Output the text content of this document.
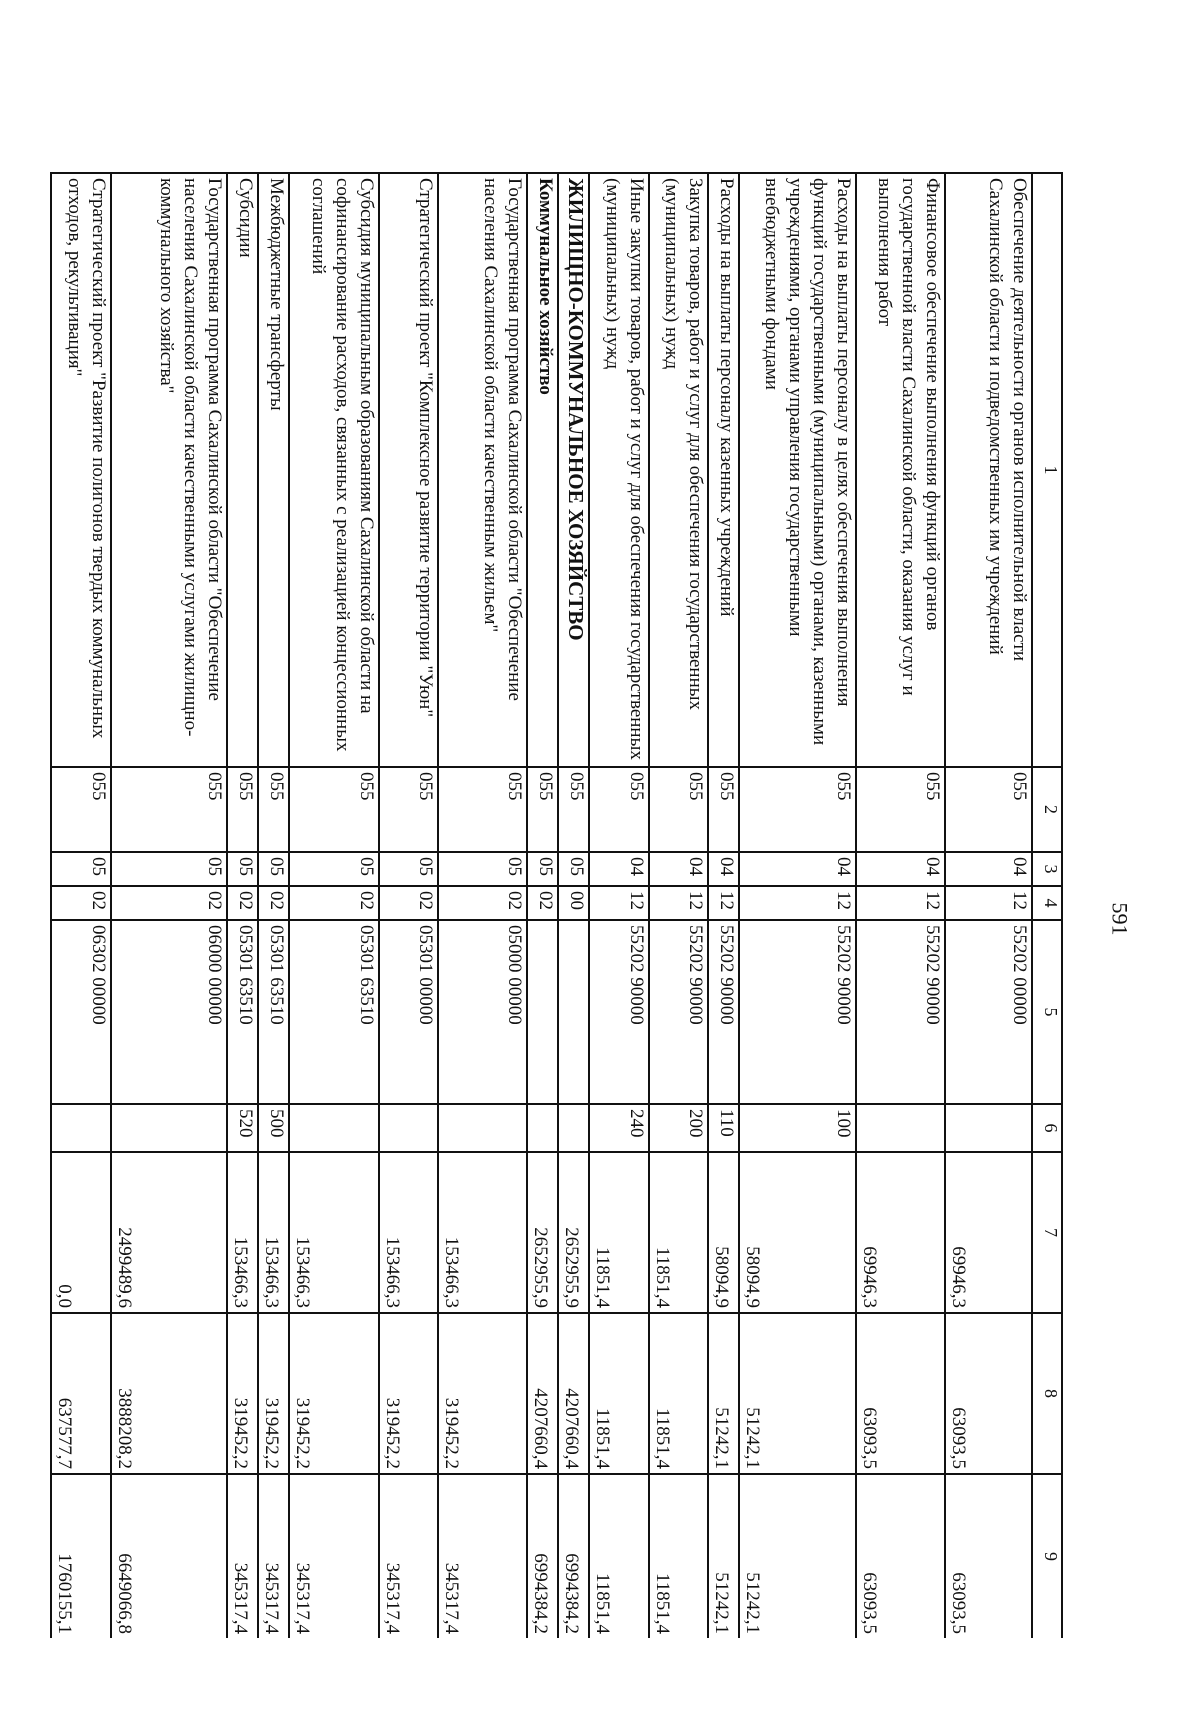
591
1	2	3	4	5	6	7	8	9
Обеспечение деятельности органов исполнительной власти Сахалинской области и подведомственных им учреждений	055	04	12	55202 00000		69946,3	63093,5	63093,5
Финансовое обеспечение выполнения функций органов государственной власти Сахалинской области, оказания услуг и выполнения работ	055	04	12	55202 90000		69946,3	63093,5	63093,5
Расходы на выплаты персоналу в целях обеспечения выполнения функций государственными (муниципальными) органами, казенными учреждениями, органами управления государственными внебюджетными фондами	055	04	12	55202 90000	100	58094,9	51242,1	51242,1
Расходы на выплаты персоналу казенных учреждений	055	04	12	55202 90000	110	58094,9	51242,1	51242,1
Закупка товаров, работ и услуг для обеспечения государственных (муниципальных) нужд	055	04	12	55202 90000	200	11851,4	11851,4	11851,4
Иные закупки товаров, работ и услуг для обеспечения государственных (муниципальных) нужд	055	04	12	55202 90000	240	11851,4	11851,4	11851,4
ЖИЛИЩНО-КОММУНАЛЬНОЕ ХОЗЯЙСТВО	055	05	00			2652955,9	4207660,4	6994384,2
Коммунальное хозяйство	055	05	02			2652955,9	4207660,4	6994384,2
Государственная программа Сахалинской области "Обеспечение населения Сахалинской области качественным жильем"	055	05	02	05000 00000		153466,3	319452,2	345317,4
Стратегический проект "Комплексное развитие территории "Уюн"	055	05	02	05301 00000		153466,3	319452,2	345317,4
Субсидия муниципальным образованиям Сахалинской области на софинансирование расходов, связанных с реализацией концессионных соглашений	055	05	02	05301 63510		153466,3	319452,2	345317,4
Межбюджетные трансферты	055	05	02	05301 63510	500	153466,3	319452,2	345317,4
Субсидии	055	05	02	05301 63510	520	153466,3	319452,2	345317,4
Государственная программа Сахалинской области "Обеспечение населения Сахалинской области качественными услугами жилищно-коммунального хозяйства"	055	05	02	06000 00000		2499489,6	3888208,2	6649066,8
Стратегический проект "Развитие полигонов твердых коммунальных отходов, рекультивация"	055	05	02	06302 00000		0,0	637577,7	1760155,1
